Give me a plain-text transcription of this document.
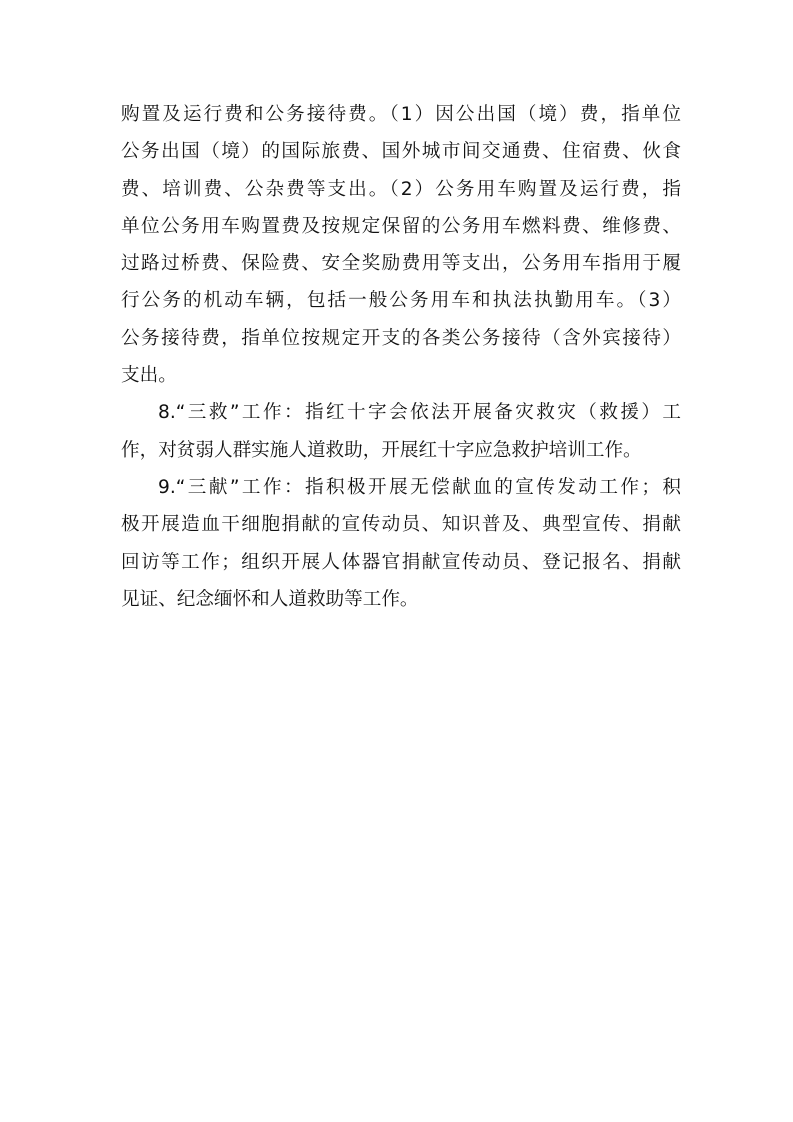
购置及运行费和公务接待费。（1）因公出国（境）费，指单位
公务出国（境）的国际旅费、国外城市间交通费、住宿费、伙食
费、培训费、公杂费等支出。（2）公务用车购置及运行费，指
单位公务用车购置费及按规定保留的公务用车燃料费、维修费、
过路过桥费、保险费、安全奖励费用等支出，公务用车指用于履
行公务的机动车辆，包括一般公务用车和执法执勤用车。（3）
公务接待费，指单位按规定开支的各类公务接待（含外宾接待）
支出。
8.“三救”工作：指红十字会依法开展备灾救灾（救援）工
作，对贫弱人群实施人道救助，开展红十字应急救护培训工作。
9.“三献”工作：指积极开展无偿献血的宣传发动工作；积
极开展造血干细胞捐献的宣传动员、知识普及、典型宣传、捐献
回访等工作；组织开展人体器官捐献宣传动员、登记报名、捐献
见证、纪念缅怀和人道救助等工作。
